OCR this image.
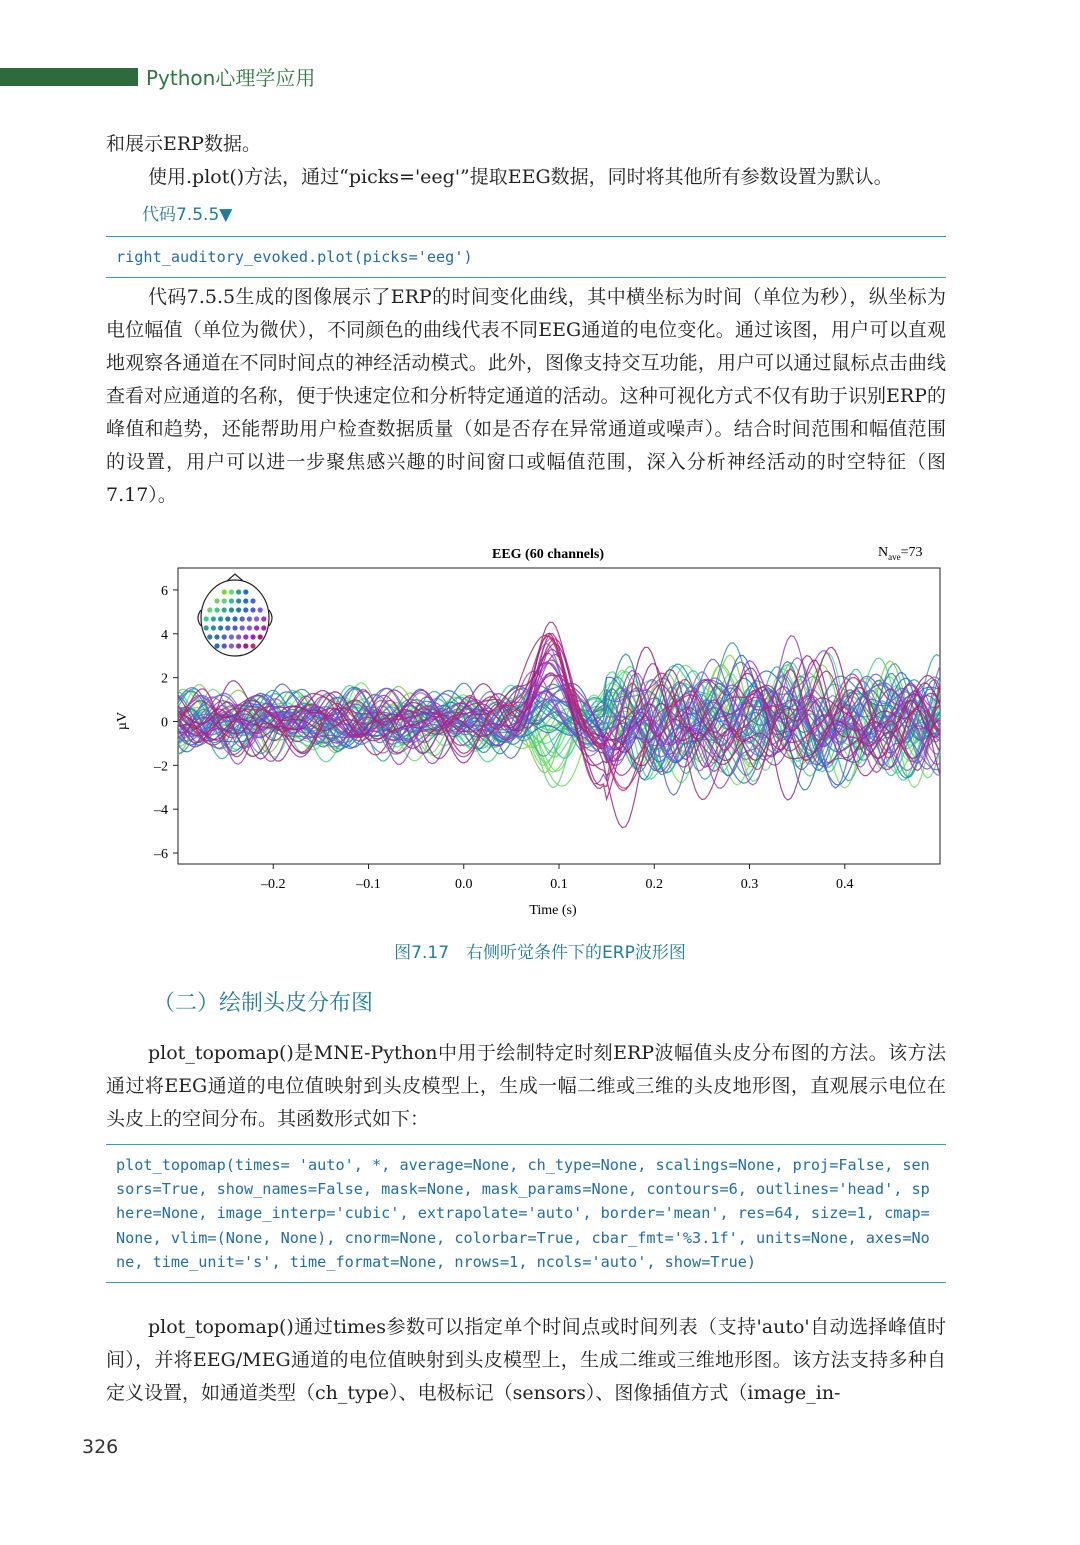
Python心理学应用

和展示ERP数据。

使用.plot()方法，通过“picks='eeg'”提取EEG数据，同时将其他所有参数设置为默认。

代码7.5.5▼
right_auditory_evoked.plot(picks='eeg')

代码7.5.5生成的图像展示了ERP的时间变化曲线，其中横坐标为时间（单位为秒），纵坐标为电位幅值（单位为微伏），不同颜色的曲线代表不同EEG通道的电位变化。通过该图，用户可以直观地观察各通道在不同时间点的神经活动模式。此外，图像支持交互功能，用户可以通过鼠标点击曲线查看对应通道的名称，便于快速定位和分析特定通道的活动。这种可视化方式不仅有助于识别ERP的峰值和趋势，还能帮助用户检查数据质量（如是否存在异常通道或噪声）。结合时间范围和幅值范围的设置，用户可以进一步聚焦感兴趣的时间窗口或幅值范围，深入分析神经活动的时空特征（图7.17）。

EEG (60 channels)	$N_{ave}=73$
6
4
2
0
–2
–4
–6
–0.2	–0.1	0.0	0.1	0.2	0.3	0.4
µV
Time (s)
图7.17　右侧听觉条件下的ERP波形图
（二）绘制头皮分布图

plot_topomap()是MNE-Python中用于绘制特定时刻ERP波幅值头皮分布图的方法。该方法通过将EEG通道的电位值映射到头皮模型上，生成一幅二维或三维的头皮地形图，直观展示电位在头皮上的空间分布。其函数形式如下：

plot_topomap(times= 'auto', *, average=None, ch_type=None, scalings=None, proj=False, sensors=True, show_names=False, mask=None, mask_params=None, contours=6, outlines='head', sphere=None, image_interp='cubic', extrapolate='auto', border='mean', res=64, size=1, cmap=None, vlim=(None, None), cnorm=None, colorbar=True, cbar_fmt='%3.1f', units=None, axes=None, time_unit='s', time_format=None, nrows=1, ncols='auto', show=True)

plot_topomap()通过times参数可以指定单个时间点或时间列表（支持'auto'自动选择峰值时间），并将EEG/MEG通道的电位值映射到头皮模型上，生成二维或三维地形图。该方法支持多种自定义设置，如通道类型（ch_type）、电极标记（sensors）、图像插值方式（image_in-

326
